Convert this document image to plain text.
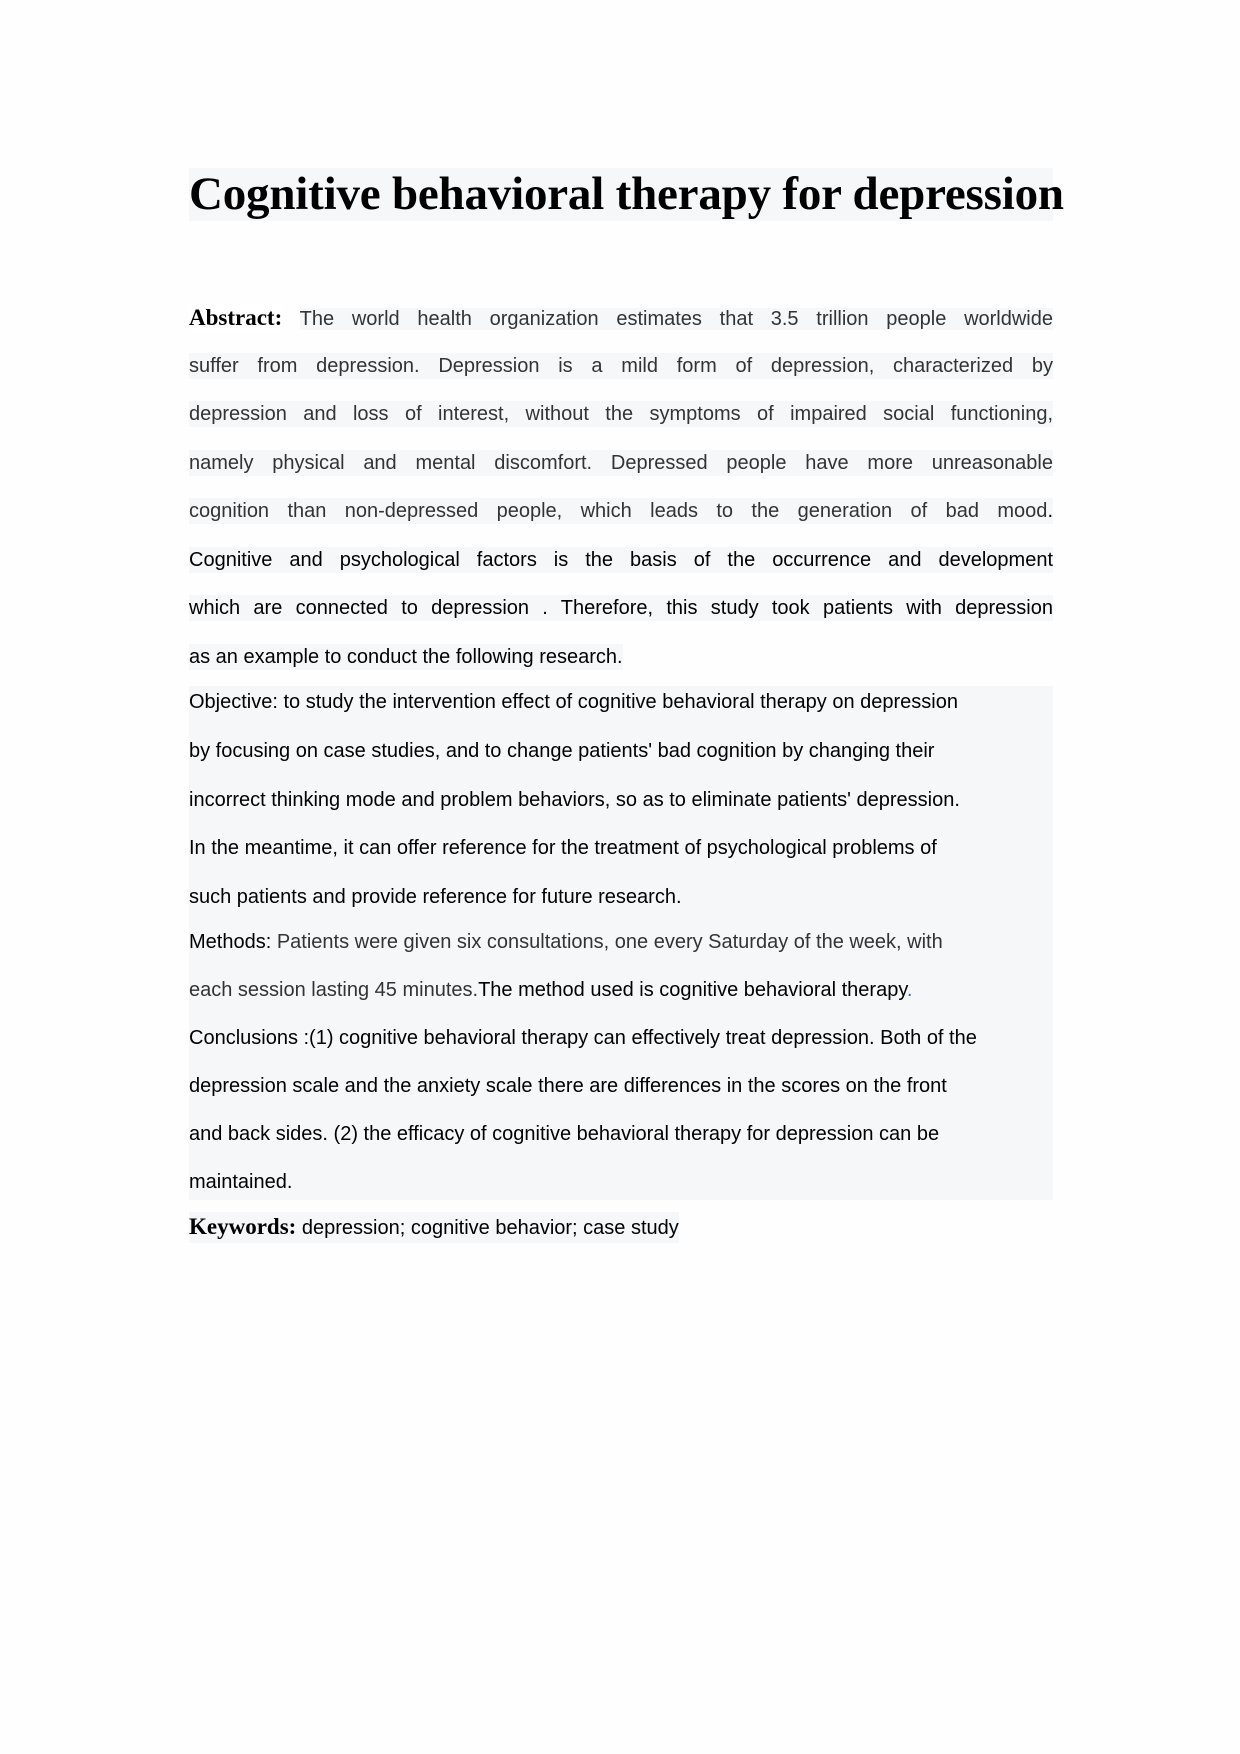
Cognitive behavioral therapy for depression
Abstract: The world health organization estimates that 3.5 trillion people worldwide
suffer from depression. Depression is a mild form of depression, characterized by
depression and loss of interest, without the symptoms of impaired social functioning,
namely physical and mental discomfort. Depressed people have more unreasonable
cognition than non-depressed people, which leads to the generation of bad mood.
Cognitive and psychological factors is the basis of the occurrence and development
which are connected to depression . Therefore, this study took patients with depression
as an example to conduct the following research.
Objective: to study the intervention effect of cognitive behavioral therapy on depression
by focusing on case studies, and to change patients' bad cognition by changing their
incorrect thinking mode and problem behaviors, so as to eliminate patients' depression.
In the meantime, it can offer reference for the treatment of psychological problems of
such patients and provide reference for future research.
Methods: Patients were given six consultations, one every Saturday of the week, with
each session lasting 45 minutes.The method used is cognitive behavioral therapy.
Conclusions :(1) cognitive behavioral therapy can effectively treat depression. Both of the
depression scale and the anxiety scale there are differences in the scores on the front
and back sides. (2) the efficacy of cognitive behavioral therapy for depression can be
maintained.
Keywords: depression; cognitive behavior; case study
